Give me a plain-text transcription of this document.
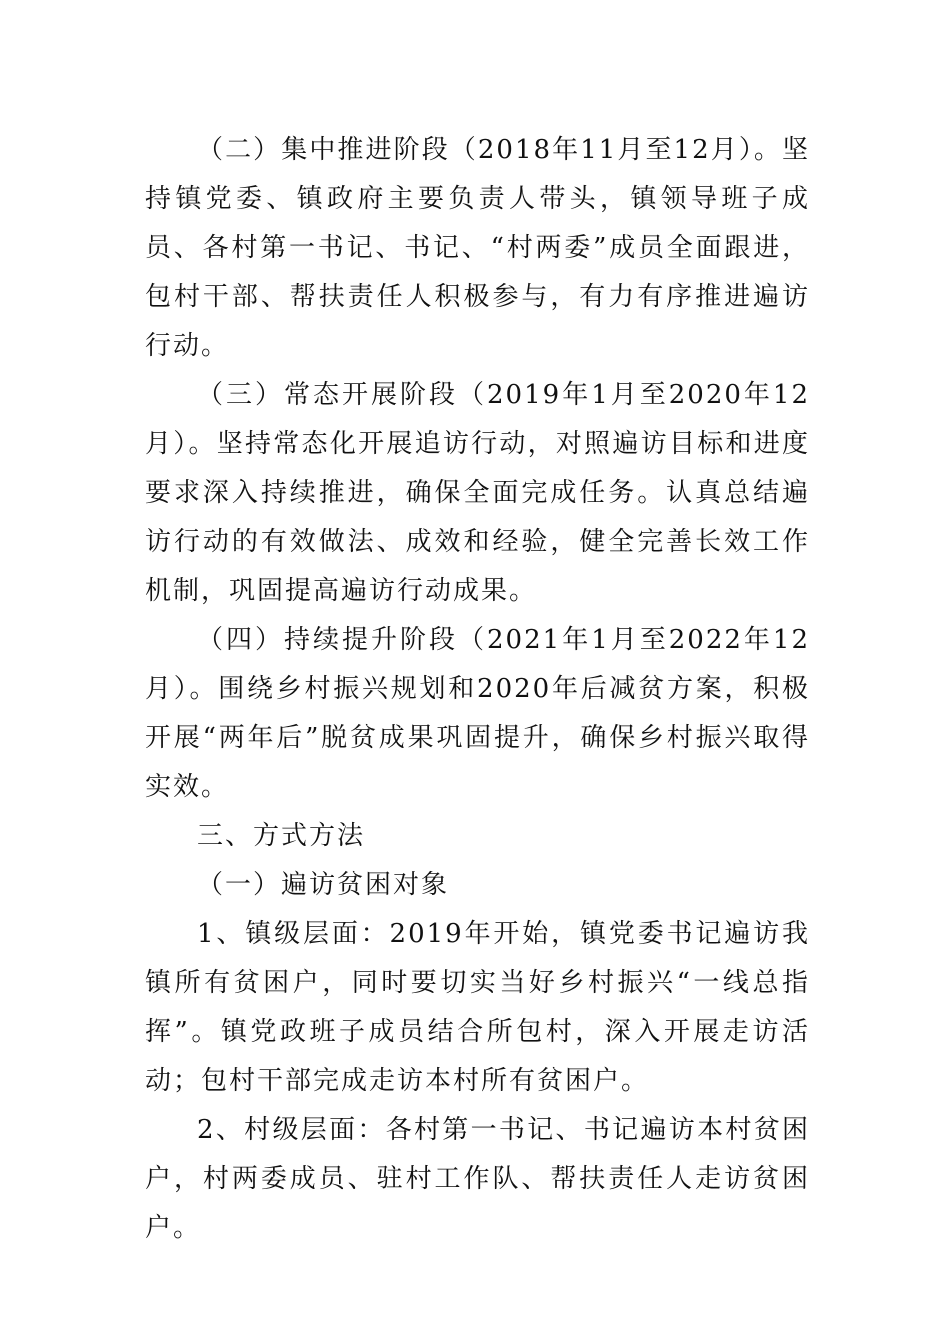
（二）集中推进阶段（2018年11月至12月）。坚持镇党委、镇政府主要负责人带头，镇领导班子成员、各村第一书记、书记、“村两委”成员全面跟进，包村干部、帮扶责任人积极参与，有力有序推进遍访行动。

（三）常态开展阶段（2019年1月至2020年12月）。坚持常态化开展追访行动，对照遍访目标和进度要求深入持续推进，确保全面完成任务。认真总结遍访行动的有效做法、成效和经验，健全完善长效工作机制，巩固提高遍访行动成果。

（四）持续提升阶段（2021年1月至2022年12月）。围绕乡村振兴规划和2020年后减贫方案，积极开展“两年后”脱贫成果巩固提升，确保乡村振兴取得实效。

三、方式方法

（一）遍访贫困对象

1、镇级层面：2019年开始，镇党委书记遍访我镇所有贫困户，同时要切实当好乡村振兴“一线总指挥”。镇党政班子成员结合所包村，深入开展走访活动；包村干部完成走访本村所有贫困户。

2、村级层面：各村第一书记、书记遍访本村贫困户，村两委成员、驻村工作队、帮扶责任人走访贫困户。
